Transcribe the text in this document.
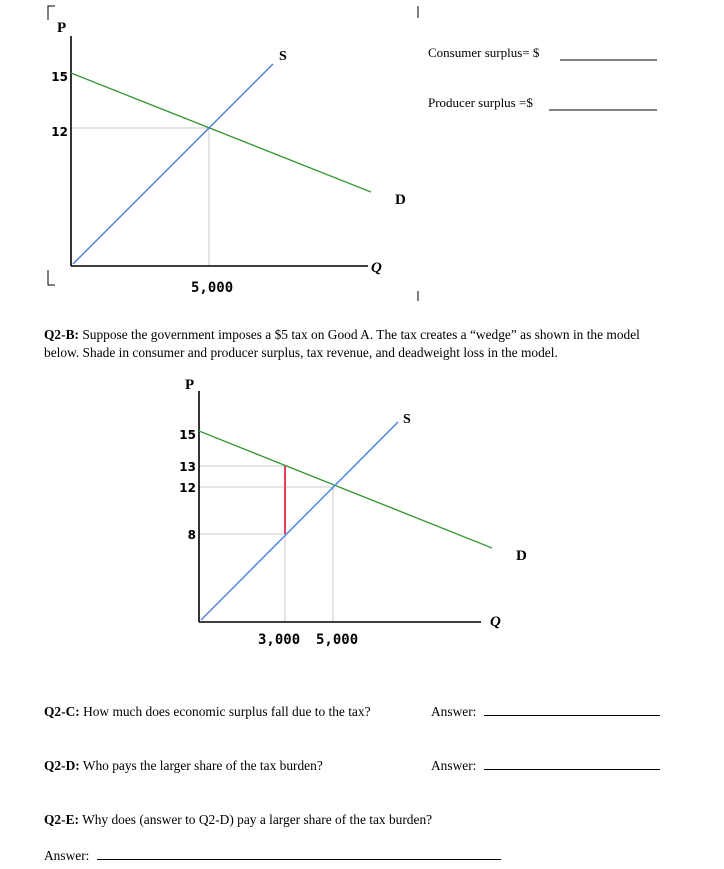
P
Q
S
D
15
12
5,000
Consumer surplus= $
Producer surplus =$
P
Q
S
D
15
13
12
8
3,000 5,000
Q2-B: Suppose the government imposes a $5 tax on Good A. The tax creates a “wedge” as shown in the model below. Shade in consumer and producer surplus, tax revenue, and deadweight loss in the model.
Q2-C: How much does economic surplus fall due to the tax?	Answer:
Q2-D: Who pays the larger share of the tax burden?	Answer:
Q2-E: Why does (answer to Q2-D) pay a larger share of the tax burden?
Answer:
